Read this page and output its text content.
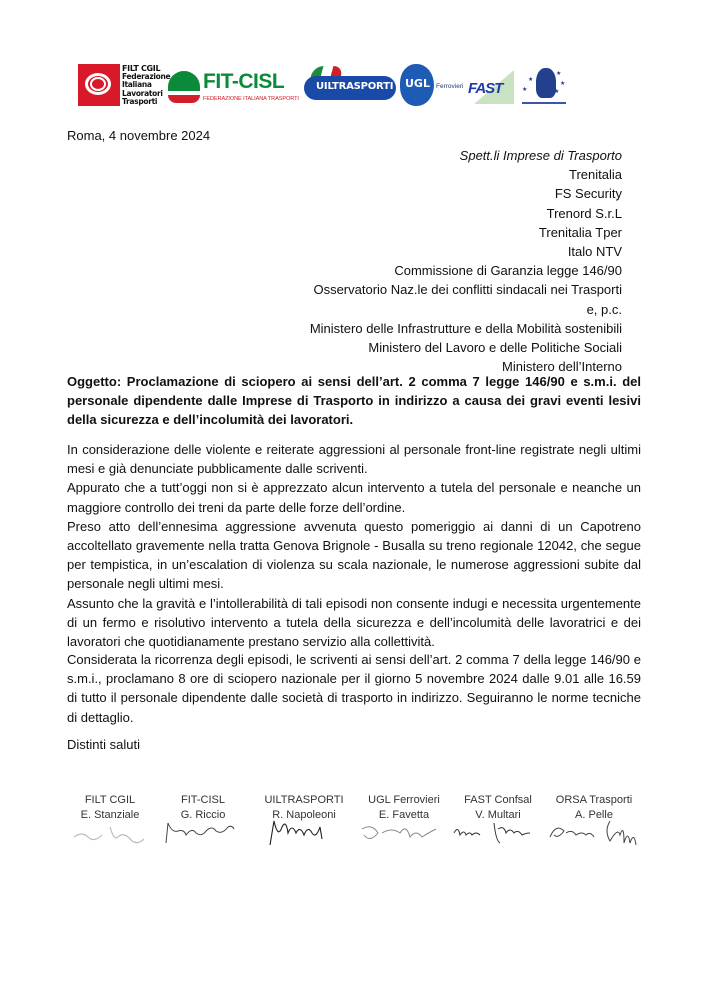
FILT CGIL
Federazione
Italiana
Lavoratori
Trasporti
FIT-CISL
FEDERAZIONE ITALIANA TRASPORTI
UILTRASPORTI UGL Ferrovieri FAST	★
★
★
★
★
Roma, 4 novembre 2024
Spett.li Imprese di Trasporto
Trenitalia
FS Security
Trenord S.r.L
Trenitalia Tper
Italo NTV
Commissione di Garanzia legge 146/90
Osservatorio Naz.le dei conflitti sindacali nei Trasporti
e, p.c.
Ministero delle Infrastrutture e della Mobilità sostenibili
Ministero del Lavoro e delle Politiche Sociali
Ministero dell’Interno
Oggetto: Proclamazione di sciopero ai sensi dell’art. 2 comma 7 legge 146/90 e s.m.i. del personale dipendente dalle Imprese di Trasporto in indirizzo a causa dei gravi eventi lesivi della sicurezza e dell’incolumità dei lavoratori.

In considerazione delle violente e reiterate aggressioni al personale front-line registrate negli ultimi mesi e già denunciate pubblicamente dalle scriventi.

Appurato che a tutt’oggi non si è apprezzato alcun intervento a tutela del personale e neanche un maggiore controllo dei treni da parte delle forze dell’ordine.

Preso atto dell’ennesima aggressione avvenuta questo pomeriggio ai danni di un Capotreno accoltellato gravemente nella tratta Genova Brignole - Busalla su treno regionale 12042, che segue per tempistica, in un’escalation di violenza su scala nazionale, le numerose aggressioni subite dal personale negli ultimi mesi.

Assunto che la gravità e l’intollerabilità di tali episodi non consente indugi e necessita urgentemente di un fermo e risolutivo intervento a tutela della sicurezza e dell’incolumità delle lavoratrici e dei lavoratori che quotidianamente prestano servizio alla collettività.

Considerata la ricorrenza degli episodi, le scriventi ai sensi dell’art. 2 comma 7 della legge 146/90 e s.m.i., proclamano 8 ore di sciopero nazionale per il giorno 5 novembre 2024 dalle 9.01 alle 16.59 di tutto il personale dipendente dalle società di trasporto in indirizzo. Seguiranno le norme tecniche di dettaglio.
Distinti saluti
FILT CGIL
E. Stanziale
FIT-CISL
G. Riccio
UILTRASPORTI
R. Napoleoni
UGL Ferrovieri
E. Favetta
FAST Confsal
V. Multari
ORSA Trasporti
A. Pelle
